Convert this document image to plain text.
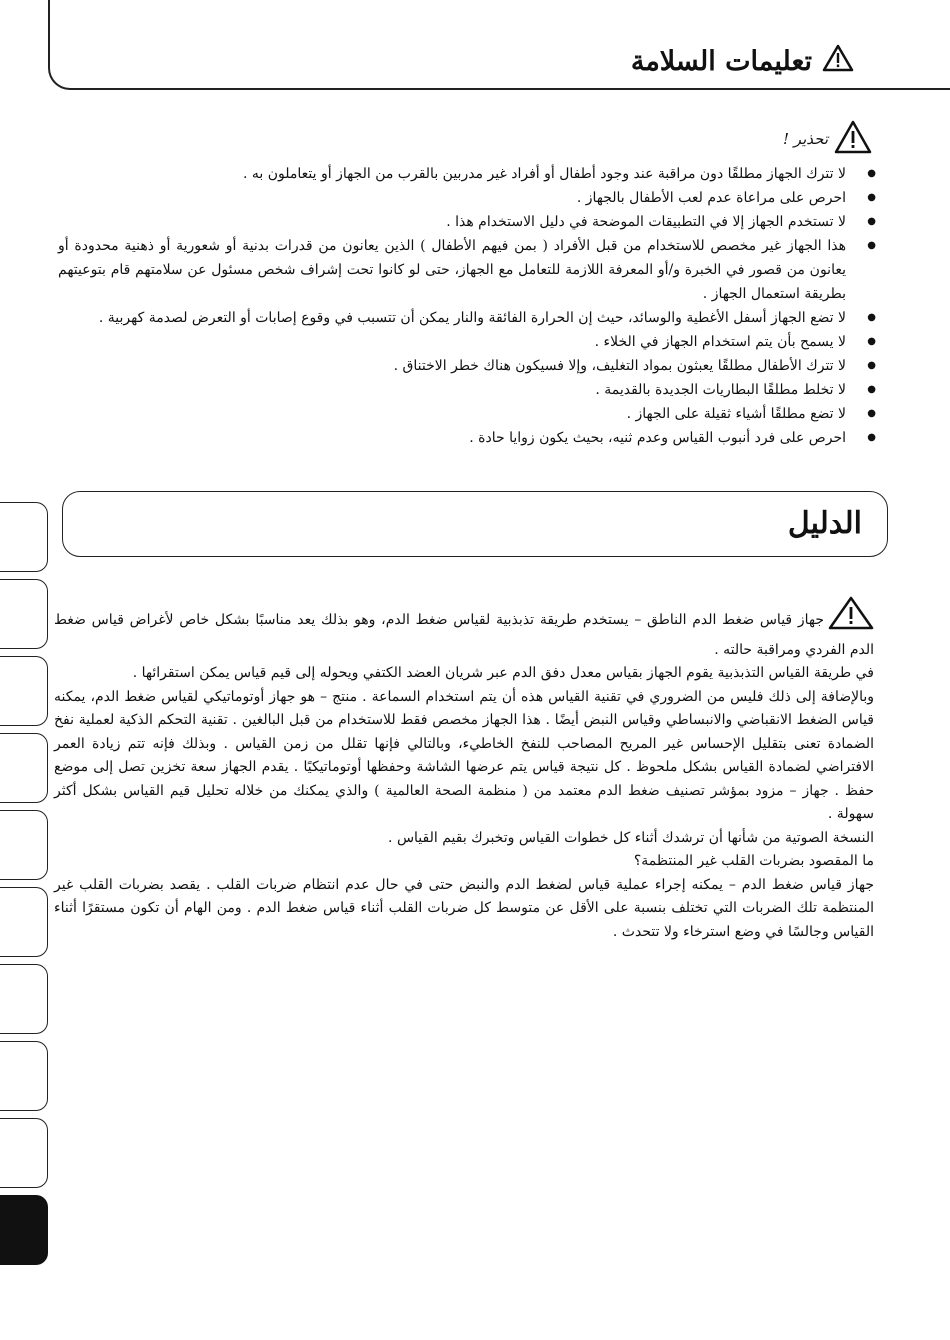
تعليمات السلامة
تحذير !
● لا تترك الجهاز مطلقًا دون مراقبة عند وجود أطفال أو أفراد غير مدربين بالقرب من الجهاز أو يتعاملون به .
● احرص على مراعاة عدم لعب الأطفال بالجهاز .
● لا تستخدم الجهاز إلا في التطبيقات الموضحة في دليل الاستخدام هذا .
● هذا الجهاز غير مخصص للاستخدام من قبل الأفراد ( بمن فيهم الأطفال ) الذين يعانون من قدرات بدنية أو شعورية أو ذهنية محدودة أو يعانون من قصور في الخبرة و/أو المعرفة اللازمة للتعامل مع الجهاز، حتى لو كانوا تحت إشراف شخص مسئول عن سلامتهم قام بتوعيتهم بطريقة استعمال الجهاز .
● لا تضع الجهاز أسفل الأغطية والوسائد، حيث إن الحرارة الفائقة والنار يمكن أن تتسبب في وقوع إصابات أو التعرض لصدمة كهربية .
● لا يسمح بأن يتم استخدام الجهاز في الخلاء .
● لا تترك الأطفال مطلقًا يعبثون بمواد التغليف، وإلا فسيكون هناك خطر الاختناق .
● لا تخلط مطلقًا البطاريات الجديدة بالقديمة .
● لا تضع مطلقًا أشياء ثقيلة على الجهاز .
● احرص على فرد أنبوب القياس وعدم ثنيه، بحيث يكون زوايا حادة .
الدليل

جهاز قياس ضغط الدم الناطق – يستخدم طريقة تذبذبية لقياس ضغط الدم، وهو بذلك يعد مناسبًا بشكل خاص لأغراض قياس ضغط الدم الفردي ومراقبة حالته .

في طريقة القياس التذبذبية يقوم الجهاز بقياس معدل دفق الدم عبر شريان العضد الكتفي ويحوله إلى قيم قياس يمكن استقرائها .

وبالإضافة إلى ذلك فليس من الضروري في تقنية القياس هذه أن يتم استخدام السماعة . منتج – هو جهاز أوتوماتيكي لقياس ضغط الدم، يمكنه قياس الضغط الانقباضي والانبساطي وقياس النبض أيضًا . هذا الجهاز مخصص فقط للاستخدام من قبل البالغين . تقنية التحكم الذكية لعملية نفخ الضمادة تعنى بتقليل الإحساس غير المريح المصاحب للنفخ الخاطيء، وبالتالي فإنها تقلل من زمن القياس . وبذلك فإنه تتم زيادة العمر الافتراضي لضمادة القياس بشكل ملحوظ . كل نتيجة قياس يتم عرضها الشاشة وحفظها أوتوماتيكيًا . يقدم الجهاز سعة تخزين تصل إلى موضع حفظ . جهاز – مزود بمؤشر تصنيف ضغط الدم معتمد من ( منظمة الصحة العالمية ) والذي يمكنك من خلاله تحليل قيم القياس بشكل أكثر سهولة .

النسخة الصوتية من شأنها أن ترشدك أثناء كل خطوات القياس وتخبرك بقيم القياس .

ما المقصود بضربات القلب غير المنتظمة؟

جهاز قياس ضغط الدم – يمكنه إجراء عملية قياس لضغط الدم والنبض حتى في حال عدم انتظام ضربات القلب . يقصد بضربات القلب غير المنتظمة تلك الضربات التي تختلف بنسبة على الأقل عن متوسط كل ضربات القلب أثناء قياس ضغط الدم . ومن الهام أن تكون مستقرًا أثناء القياس وجالسًا في وضع استرخاء ولا تتحدث .
